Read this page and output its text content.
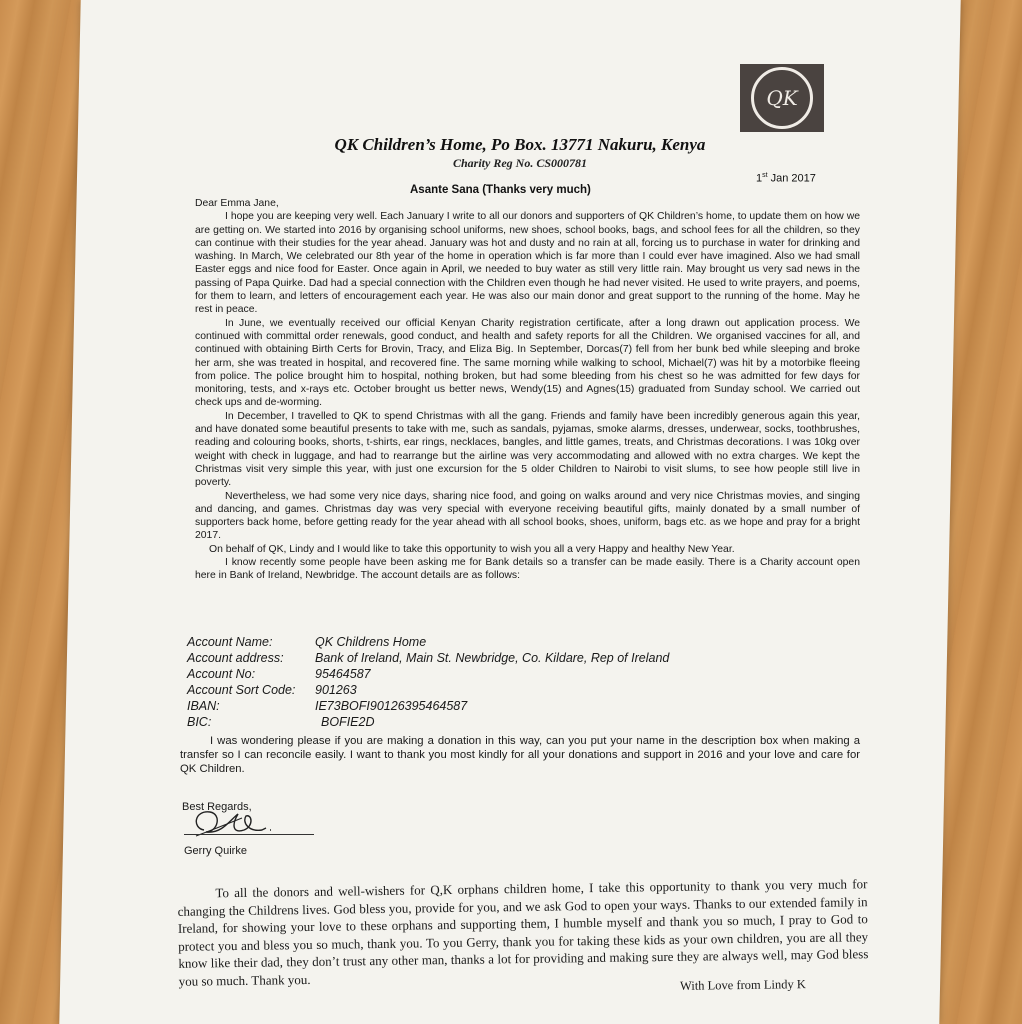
QK
QK Children’s Home, Po Box. 13771 Nakuru, Kenya
Charity Reg No. CS000781
1st Jan 2017
Asante Sana (Thanks very much)

Dear Emma Jane,

I hope you are keeping very well. Each January I write to all our donors and supporters of QK Children’s home, to update them on how we are getting on. We started into 2016 by organising school uniforms, new shoes, school books, bags, and school fees for all the children, so they can continue with their studies for the year ahead. January was hot and dusty and no rain at all, forcing us to purchase in water for drinking and washing. In March, We celebrated our 8th year of the home in operation which is far more than I could ever have imagined. Also we had small Easter eggs and nice food for Easter. Once again in April, we needed to buy water as still very little rain. May brought us very sad news in the passing of Papa Quirke. Dad had a special connection with the Children even though he had never visited. He used to write prayers, and poems, for them to learn, and letters of encouragement each year. He was also our main donor and great support to the running of the home. May he rest in peace.

In June, we eventually received our official Kenyan Charity registration certificate, after a long drawn out application process. We continued with committal order renewals, good conduct, and health and safety reports for all the Children. We organised vaccines for all, and continued with obtaining Birth Certs for Brovin, Tracy, and Eliza Big. In September, Dorcas(7) fell from her bunk bed while sleeping and broke her arm, she was treated in hospital, and recovered fine. The same morning while walking to school, Michael(7) was hit by a motorbike fleeing from police. The police brought him to hospital, nothing broken, but had some bleeding from his chest so he was admitted for few days for monitoring, tests, and x-rays etc. October brought us better news, Wendy(15) and Agnes(15) graduated from Sunday school. We carried out check ups and de-worming.

In December, I travelled to QK to spend Christmas with all the gang. Friends and family have been incredibly generous again this year, and have donated some beautiful presents to take with me, such as sandals, pyjamas, smoke alarms, dresses, underwear, socks, toothbrushes, reading and colouring books, shorts, t-shirts, ear rings, necklaces, bangles, and little games, treats, and Christmas decorations. I was 10kg over weight with check in luggage, and had to rearrange but the airline was very accommodating and allowed with no extra charges. We kept the Christmas visit very simple this year, with just one excursion for the 5 older Children to Nairobi to visit slums, to see how people still live in poverty.

Nevertheless, we had some very nice days, sharing nice food, and going on walks around and very nice Christmas movies, and singing and dancing, and games. Christmas day was very special with everyone receiving beautiful gifts, mainly donated by a small number of supporters back home, before getting ready for the year ahead with all school books, shoes, uniform, bags etc. as we hope and pray for a bright 2017.

On behalf of QK, Lindy and I would like to take this opportunity to wish you all a very Happy and healthy New Year.

I know recently some people have been asking me for Bank details so a transfer can be made easily. There is a Charity account open here in Bank of Ireland, Newbridge. The account details are as follows:

Account Name:	QK Childrens Home
Account address:	Bank of Ireland, Main St. Newbridge, Co. Kildare, Rep of Ireland
Account No:	95464587
Account Sort Code:	901263
IBAN:	IE73BOFI90126395464587
BIC:	BOFIE2D

I was wondering please if you are making a donation in this way, can you put your name in the description box when making a transfer so I can reconcile easily. I want to thank you most kindly for all your donations and support in 2016 and your love and care for QK Children.

Best Regards,
Gerry Quirke

To all the donors and well-wishers for Q,K orphans children home, I take this opportunity to thank you very much for changing the Childrens lives. God bless you, provide for you, and we ask God to open your ways. Thanks to our extended family in Ireland, for showing your love to these orphans and supporting them, I humble myself and thank you so much, I pray to God to protect you and bless you so much, thank you. To you Gerry, thank you for taking these kids as your own children, you are all they know like their dad, they don’t trust any other man, thanks a lot for providing and making sure they are always well, may God bless you so much. Thank you.	With Love from Lindy K
